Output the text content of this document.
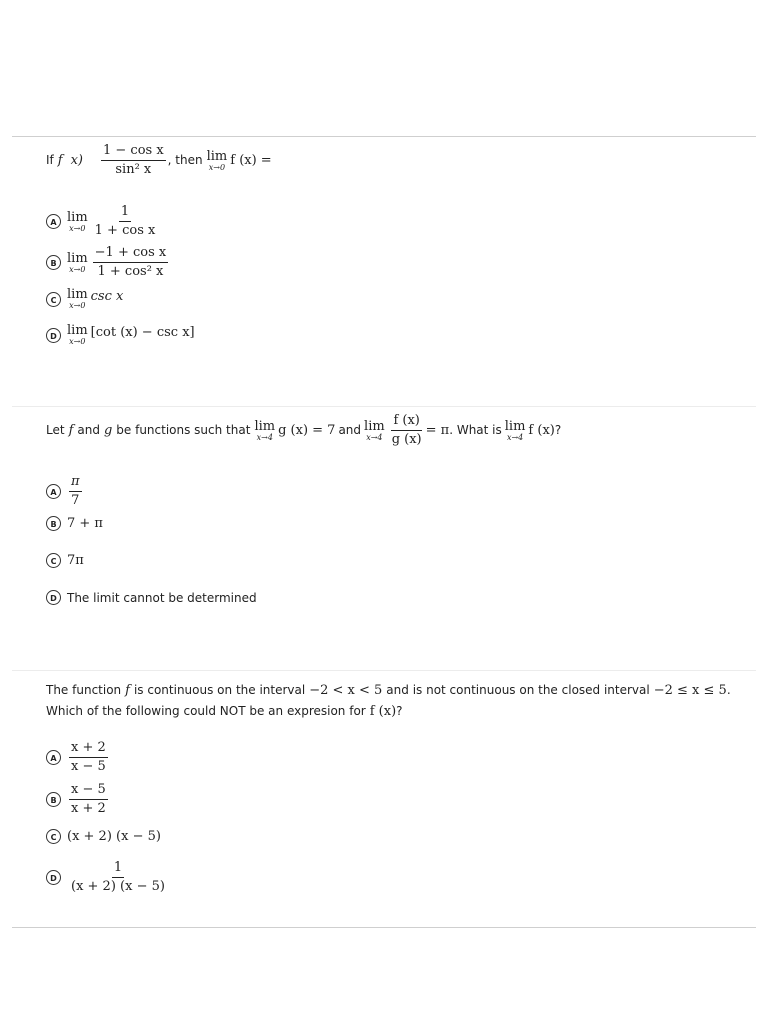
If f $x) \frac{\text{1 − cos x}}{\text{sin² x}}$ , then lim
x→0 f (x) =
A lim
$x\to 0 \frac{1}{\text{1 + cos x}}$
B lim
$x\to 0 \frac{\text{−1 + cos x}}{\text{1 + cos² x}}$
C lim
x→0
csc x
D lim
x→0
[cot (x) − csc x]
Let f and g be functions such that lim
x→4 g (x) = 7 and lim
$x\to 4 \frac{f (x)}{g (x)} = \pi$ . What is lim
x→4 f (x) ?
A $\frac{\pi}{7}$
B 7 + π
C 7π
D The limit cannot be determined
The function f is continuous on the interval −2 < x < 5 and is not continuous on the closed interval −2 ≤ x ≤ 5 .

Which of the following could NOT be an expresion for f (x) ?
A $\frac{x + 2}{x - 5}$
B $\frac{x - 5}{x + 2}$
C (x + 2) (x − 5)
D $\frac{1}{(x + 2) (x - 5)}$
